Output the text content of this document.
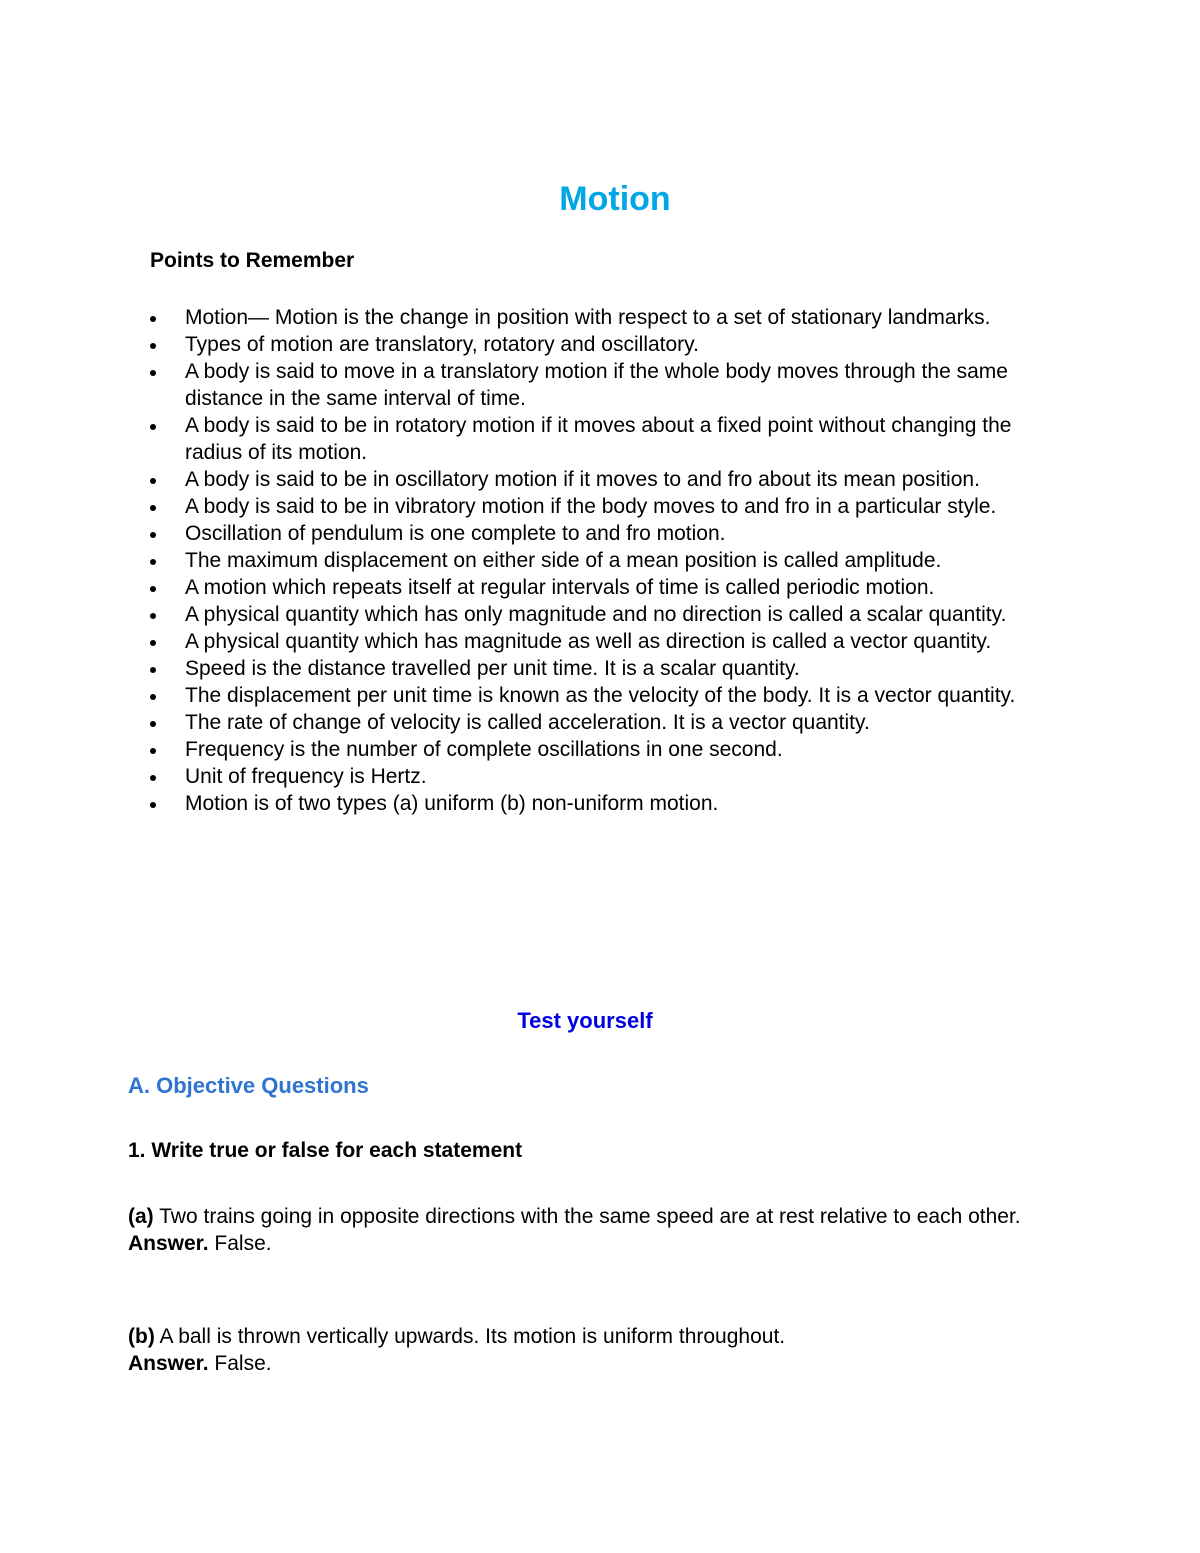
Motion
Points to Remember
Motion— Motion is the change in position with respect to a set of stationary landmarks.
Types of motion are translatory, rotatory and oscillatory.
A body is said to move in a translatory motion if the whole body moves through the same distance in the same interval of time.
A body is said to be in rotatory motion if it moves about a fixed point without changing the radius of its motion.
A body is said to be in oscillatory motion if it moves to and fro about its mean position.
A body is said to be in vibratory motion if the body moves to and fro in a particular style.
Oscillation of pendulum is one complete to and fro motion.
The maximum displacement on either side of a mean position is called amplitude.
A motion which repeats itself at regular intervals of time is called periodic motion.
A physical quantity which has only magnitude and no direction is called a scalar quantity.
A physical quantity which has magnitude as well as direction is called a vector quantity.
Speed is the distance travelled per unit time. It is a scalar quantity.
The displacement per unit time is known as the velocity of the body. It is a vector quantity.
The rate of change of velocity is called acceleration. It is a vector quantity.
Frequency is the number of complete oscillations in one second.
Unit of frequency is Hertz.
Motion is of two types (a) uniform (b) non-uniform motion.
Test yourself
A. Objective Questions
1. Write true or false for each statement
(a) Two trains going in opposite directions with the same speed are at rest relative to each other.
Answer. False.
(b) A ball is thrown vertically upwards. Its motion is uniform throughout.
Answer. False.
